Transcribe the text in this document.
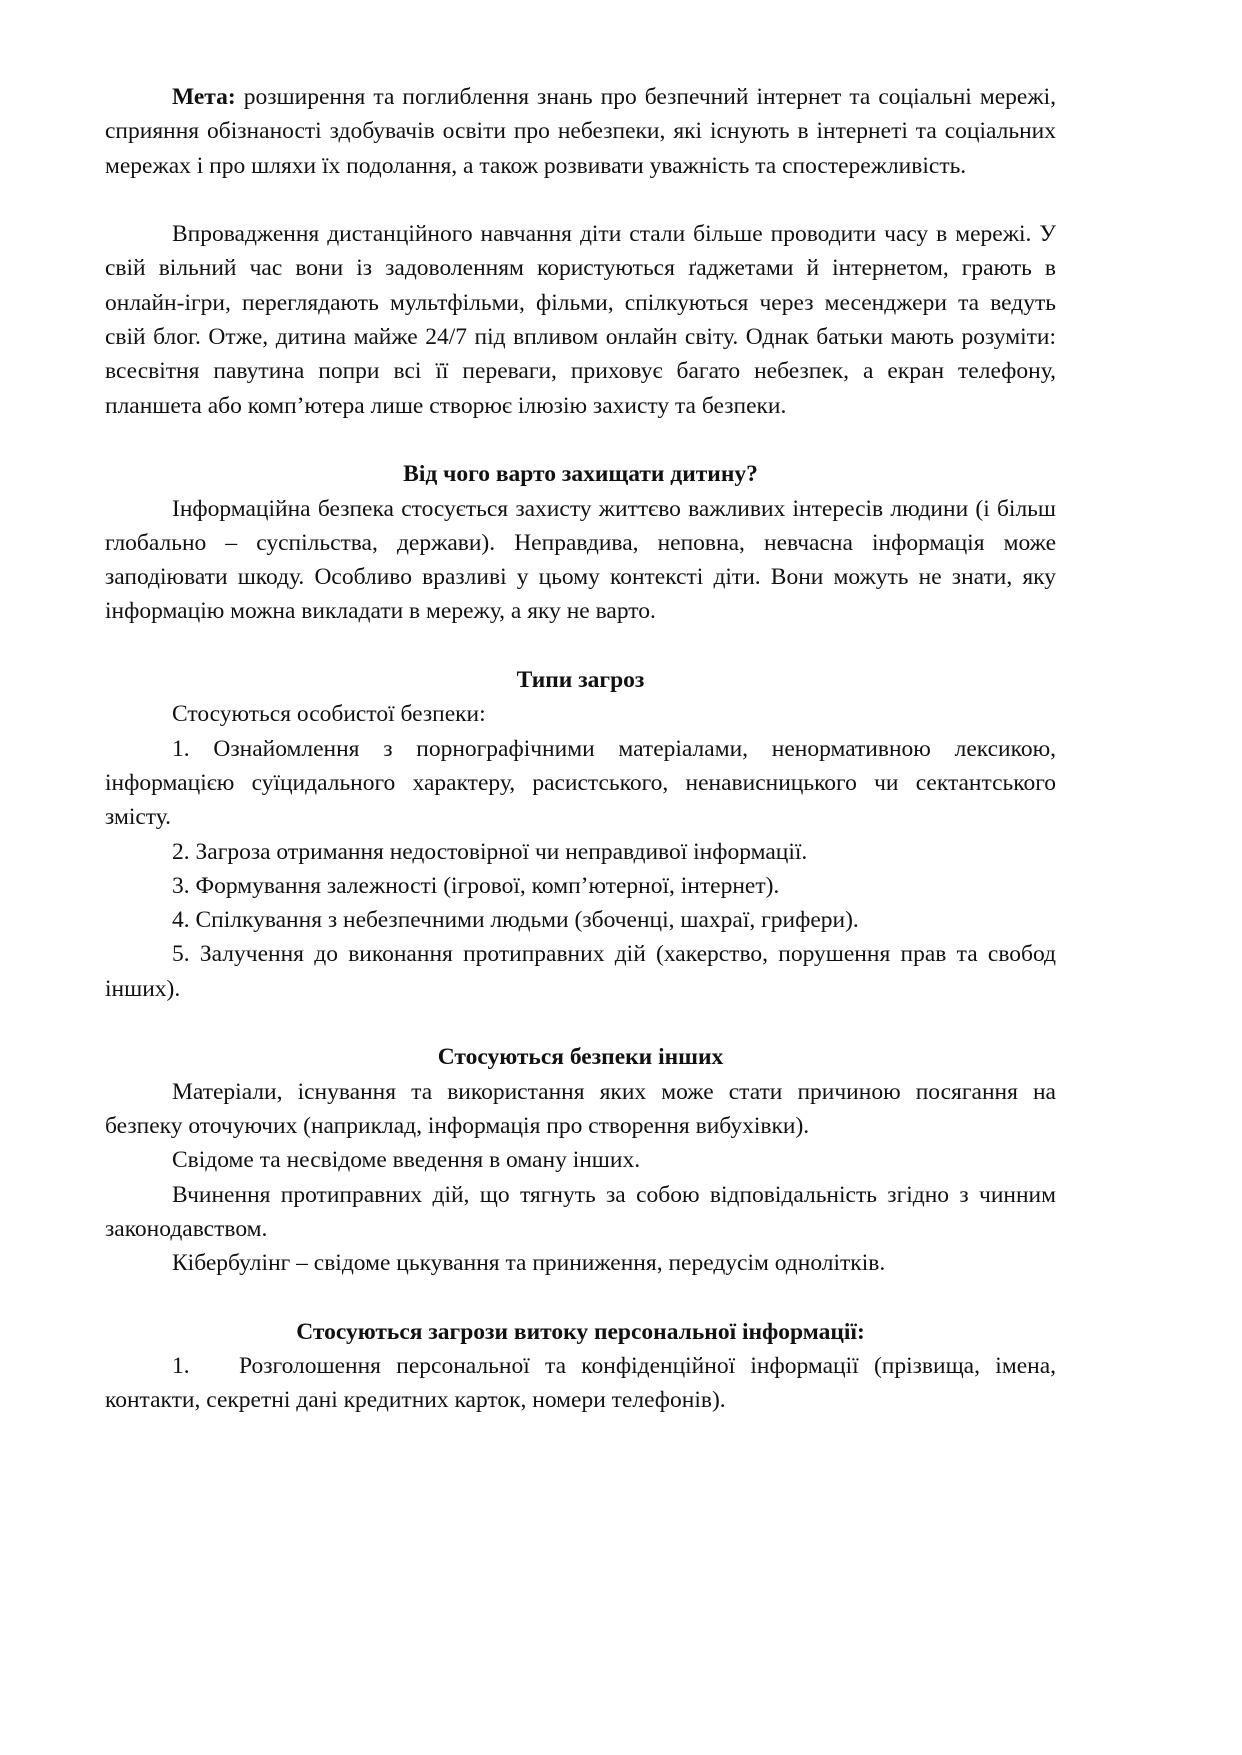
Мета: розширення та поглиблення знань про безпечний інтернет та соціальні мережі, сприяння обізнаності здобувачів освіти про небезпеки, які існують в інтернеті та соціальних мережах і про шляхи їх подолання, а також розвивати уважність та спостережливість.

Впровадження дистанційного навчання діти стали більше проводити часу в мережі. У свій вільний час вони із задоволенням користуються ґаджетами й інтернетом, грають в онлайн-ігри, переглядають мультфільми, фільми, спілкуються через месенджери та ведуть свій блог. Отже, дитина майже 24/7 під впливом онлайн світу. Однак батьки мають розуміти: всесвітня павутина попри всі її переваги, приховує багато небезпек, а екран телефону, планшета або комп’ютера лише створює ілюзію захисту та безпеки.

Від чого варто захищати дитину?

Інформаційна безпека стосується захисту життєво важливих інтересів людини (і більш глобально – суспільства, держави). Неправдива, неповна, невчасна інформація може заподіювати шкоду. Особливо вразливі у цьому контексті діти. Вони можуть не знати, яку інформацію можна викладати в мережу, а яку не варто.

Типи загроз

Стосуються особистої безпеки:

1. Ознайомлення з порнографічними матеріалами, ненормативною лексикою, інформацією суїцидального характеру, расистського, ненависницького чи сектантського змісту.

2. Загроза отримання недостовірної чи неправдивої інформації.

3. Формування залежності (ігрової, комп’ютерної, інтернет).

4. Спілкування з небезпечними людьми (збоченці, шахраї, грифери).

5. Залучення до виконання протиправних дій (хакерство, порушення прав та свобод інших).

Стосуються безпеки інших

Матеріали, існування та використання яких може стати причиною посягання на безпеку оточуючих (наприклад, інформація про створення вибухівки).

Свідоме та несвідоме введення в оману інших.

Вчинення протиправних дій, що тягнуть за собою відповідальність згідно з чинним законодавством.

Кібербулінг – свідоме цькування та приниження, передусім однолітків.

Стосуються загрози витоку персональної інформації:

1. Розголошення персональної та конфіденційної інформації (прізвища, імена, контакти, секретні дані кредитних карток, номери телефонів).
